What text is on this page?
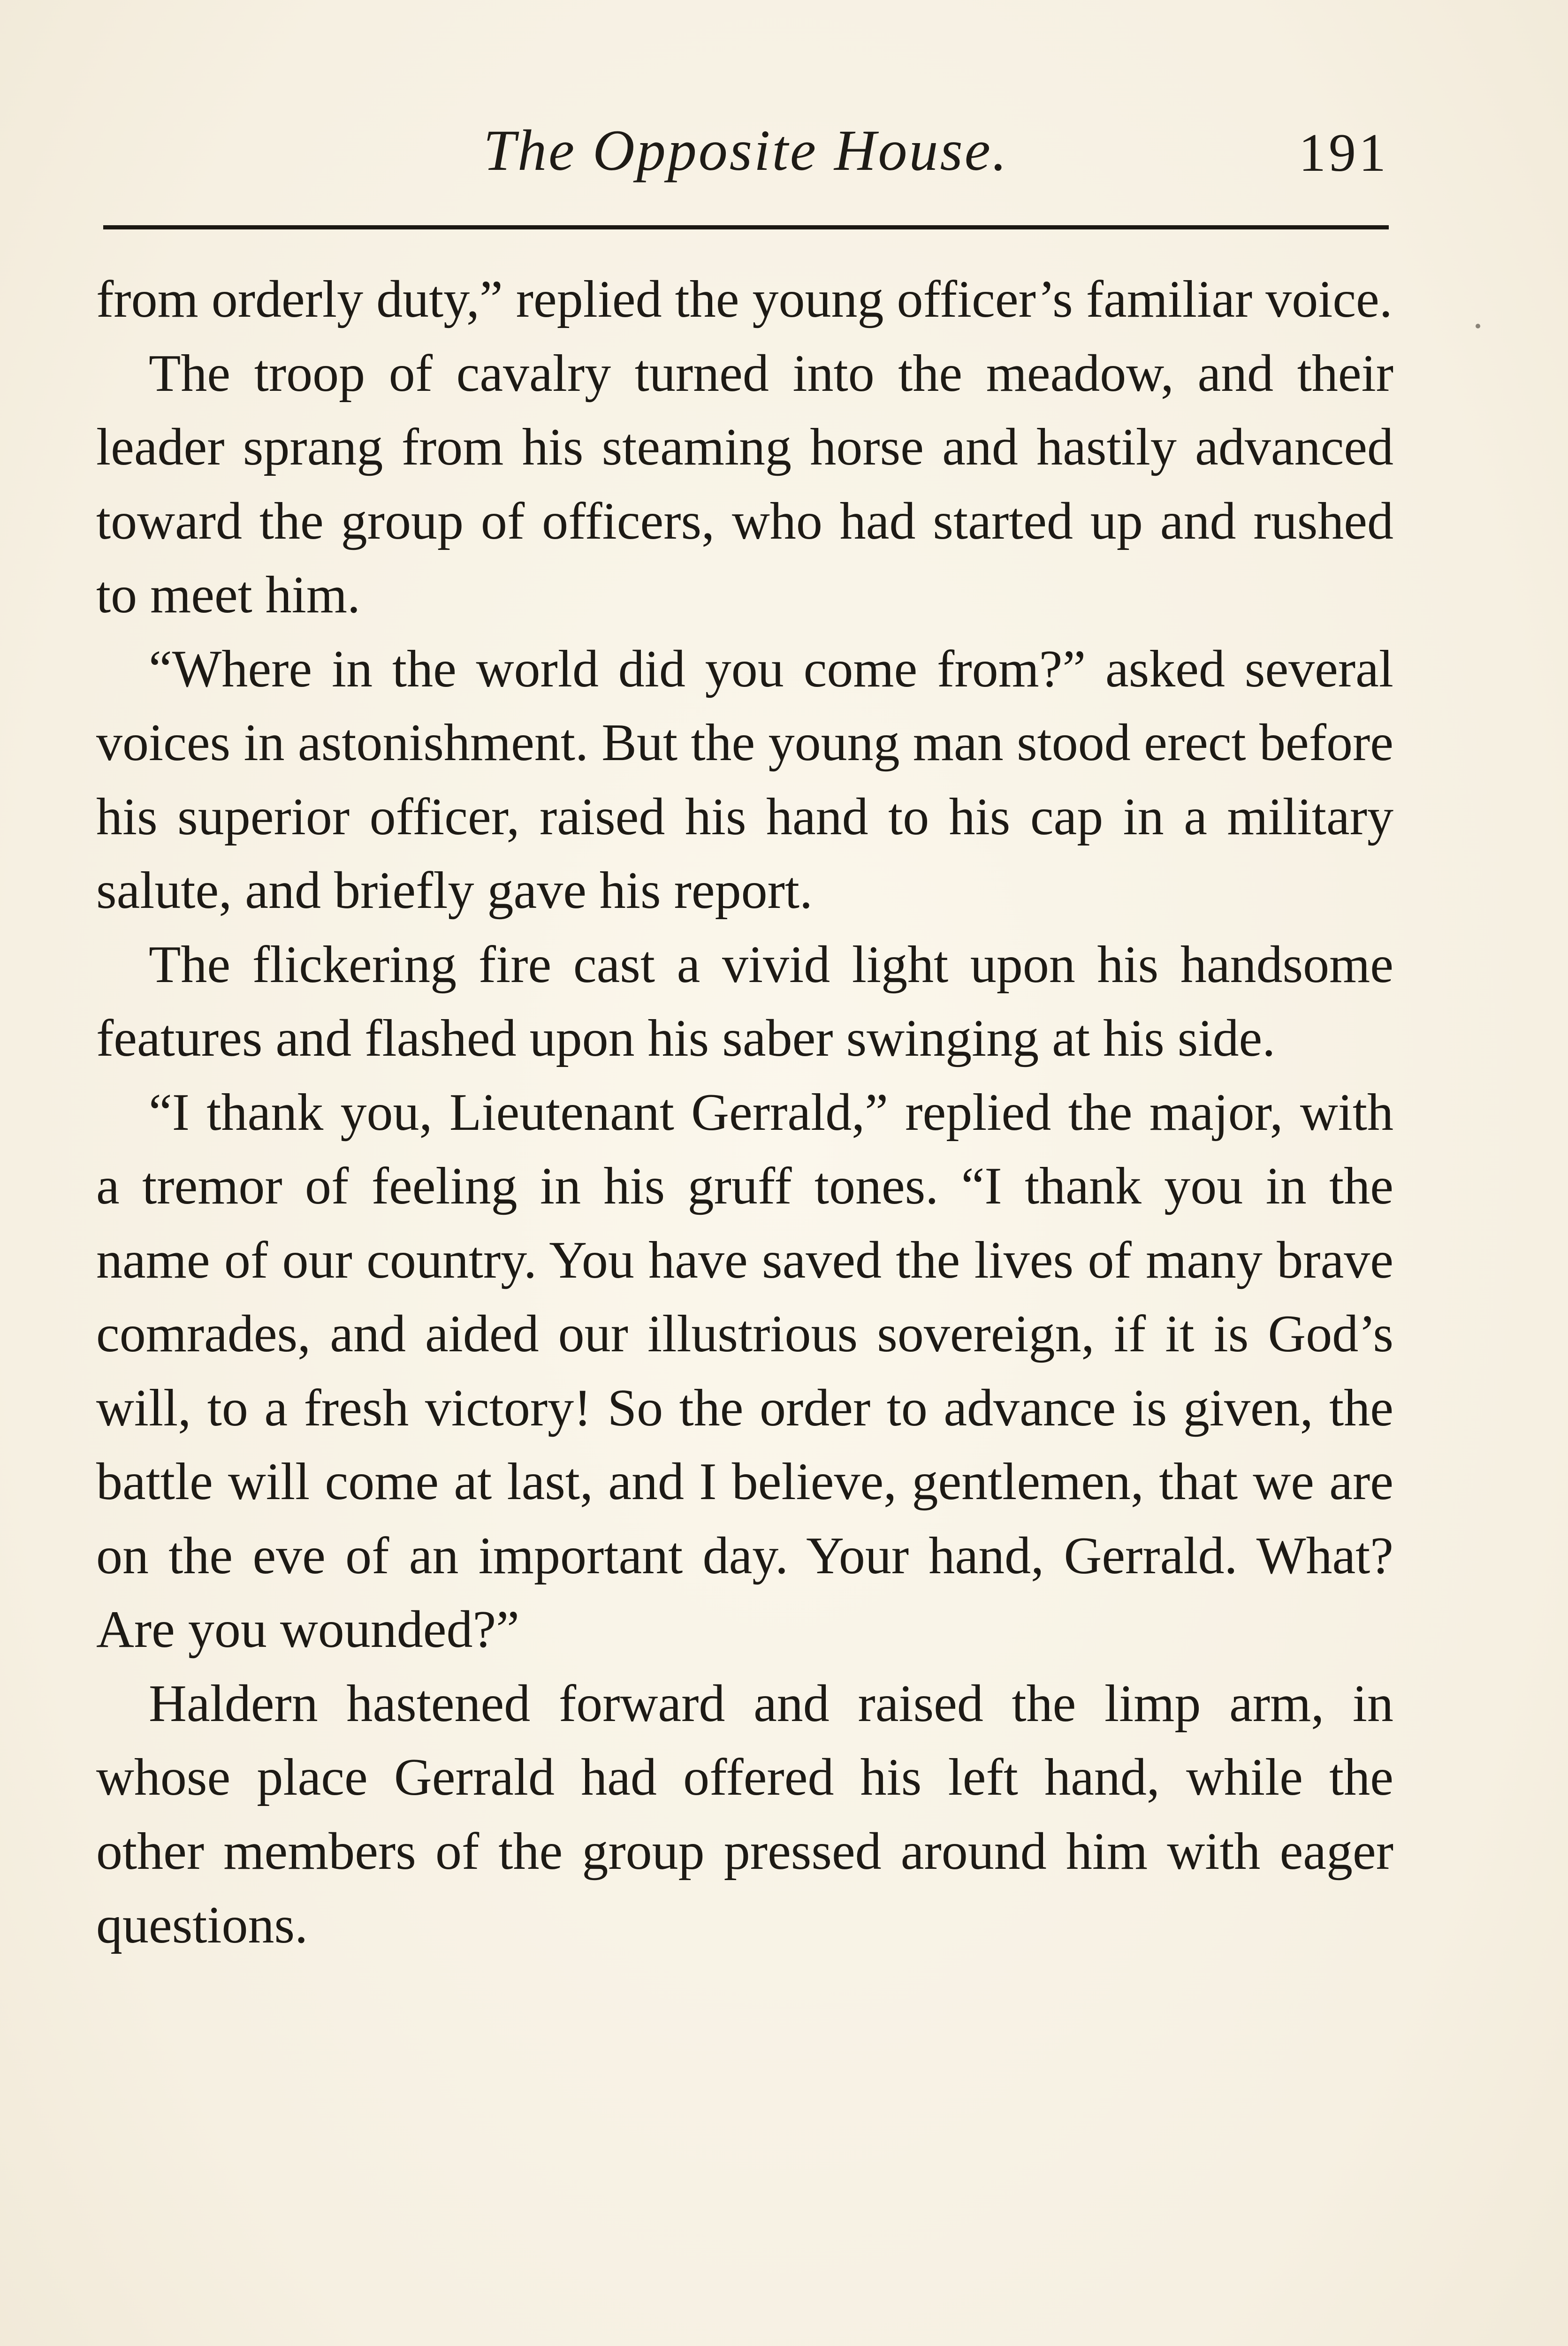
The Opposite House.	191

from orderly duty,” replied the young officer’s familiar voice.

The troop of cavalry turned into the meadow, and their leader sprang from his steaming horse and hastily advanced toward the group of officers, who had started up and rushed to meet him.

“Where in the world did you come from?” asked several voices in astonishment. But the young man stood erect before his superior officer, raised his hand to his cap in a military salute, and briefly gave his report.

The flickering fire cast a vivid light upon his handsome features and flashed upon his saber swinging at his side.

“I thank you, Lieutenant Gerrald,” replied the major, with a tremor of feeling in his gruff tones. “I thank you in the name of our country. You have saved the lives of many brave comrades, and aided our illustrious sovereign, if it is God’s will, to a fresh victory! So the order to advance is given, the battle will come at last, and I believe, gentlemen, that we are on the eve of an important day. Your hand, Gerrald. What? Are you wounded?”

Haldern hastened forward and raised the limp arm, in whose place Gerrald had offered his left hand, while the other members of the group pressed around him with eager questions.
